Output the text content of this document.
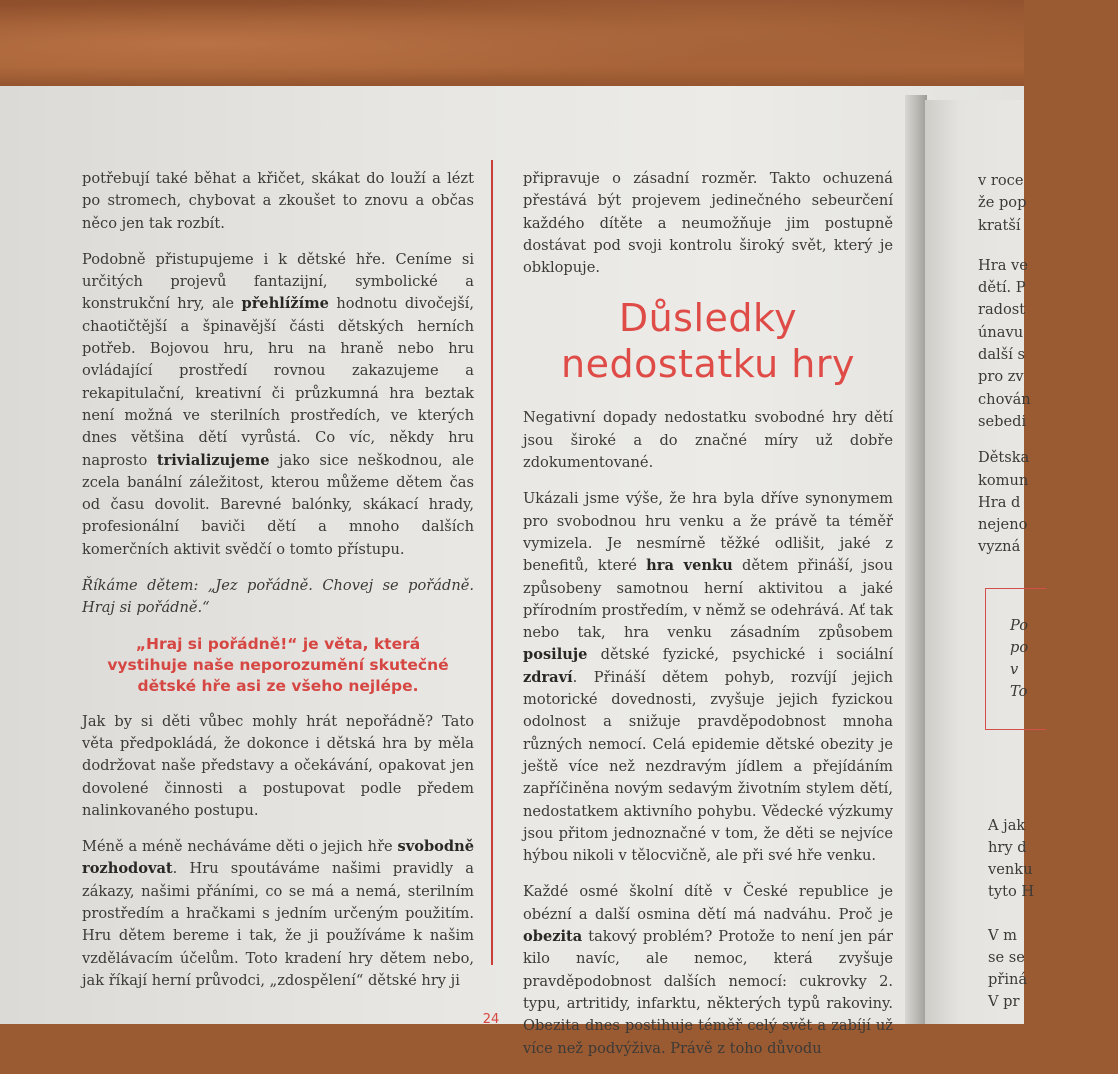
potřebují také běhat a křičet, skákat do louží a lézt po stromech, chybovat a zkoušet to znovu a občas něco jen tak rozbít.

Podobně přistupujeme i k dětské hře. Ceníme si určitých projevů fantazijní, symbolické a konstrukční hry, ale přehlížíme hodnotu divočejší, chaotičtější a špinavější části dětských herních potřeb. Bojovou hru, hru na hraně nebo hru ovládající prostředí rovnou zakazujeme a rekapitulační, kreativní či průzkumná hra beztak není možná ve sterilních prostředích, ve kterých dnes většina dětí vyrůstá. Co víc, někdy hru naprosto trivializujeme jako sice neškodnou, ale zcela banální záležitost, kterou můžeme dětem čas od času dovolit. Barevné balónky, skákací hrady, profesionální baviči dětí a mnoho dalších komerčních aktivit svědčí o tomto přístupu.

Říkáme dětem: „Jez pořádně. Chovej se pořádně. Hraj si pořádně.“

„Hraj si pořádně!“ je věta, která vystihuje naše neporozumění skutečné dětské hře asi ze všeho nejlépe.

Jak by si děti vůbec mohly hrát nepořádně? Tato věta předpokládá, že dokonce i dětská hra by měla dodržovat naše představy a očekávání, opakovat jen dovolené činnosti a postupovat podle předem nalinkovaného postupu.

Méně a méně necháváme děti o jejich hře svobodně rozhodovat. Hru spoutáváme našimi pravidly a zákazy, našimi přáními, co se má a nemá, sterilním prostředím a hračkami s jedním určeným použitím. Hru dětem bereme i tak, že ji používáme k našim vzdělávacím účelům. Toto kradení hry dětem nebo, jak říkají herní průvodci, „zdospělení“ dětské hry ji

připravuje o zásadní rozměr. Takto ochuzená přestává být projevem jedinečného sebeurčení každého dítěte a neumožňuje jim postupně dostávat pod svoji kontrolu široký svět, který je obklopuje.

Důsledky nedostatku hry

Negativní dopady nedostatku svobodné hry dětí jsou široké a do značné míry už dobře zdokumentované.

Ukázali jsme výše, že hra byla dříve synonymem pro svobodnou hru venku a že právě ta téměř vymizela. Je nesmírně těžké odlišit, jaké z benefitů, které hra venku dětem přináší, jsou způsobeny samotnou herní aktivitou a jaké přírodním prostředím, v němž se odehrává. Ať tak nebo tak, hra venku zásadním způsobem posiluje dětské fyzické, psychické i sociální zdraví. Přináší dětem pohyb, rozvíjí jejich motorické dovednosti, zvyšuje jejich fyzickou odolnost a snižuje pravděpodobnost mnoha různých nemocí. Celá epidemie dětské obezity je ještě více než nezdravým jídlem a přejídáním zapříčiněna novým sedavým životním stylem dětí, nedostatkem aktivního pohybu. Vědecké výzkumy jsou přitom jednoznačné v tom, že děti se nejvíce hýbou nikoli v tělocvičně, ale při své hře venku.

Každé osmé školní dítě v České republice je obézní a další osmina dětí má nadváhu. Proč je obezita takový problém? Protože to není jen pár kilo navíc, ale nemoc, která zvyšuje pravděpodobnost dalších nemocí: cukrovky 2. typu, artritidy, infarktu, některých typů rakoviny. Obezita dnes postihuje téměř celý svět a zabíjí už více než podvýživa. Právě z toho důvodu

v roce
že pop
kratší
Hra ve
dětí. P
radost
únavu
další s
pro zv
chován
sebedi
Dětska
komun
Hra d
nejeno
vyzná
Po
po
v
To
A jak
hry d
venku
tyto H

V m
se se
přiná
V pr
24
